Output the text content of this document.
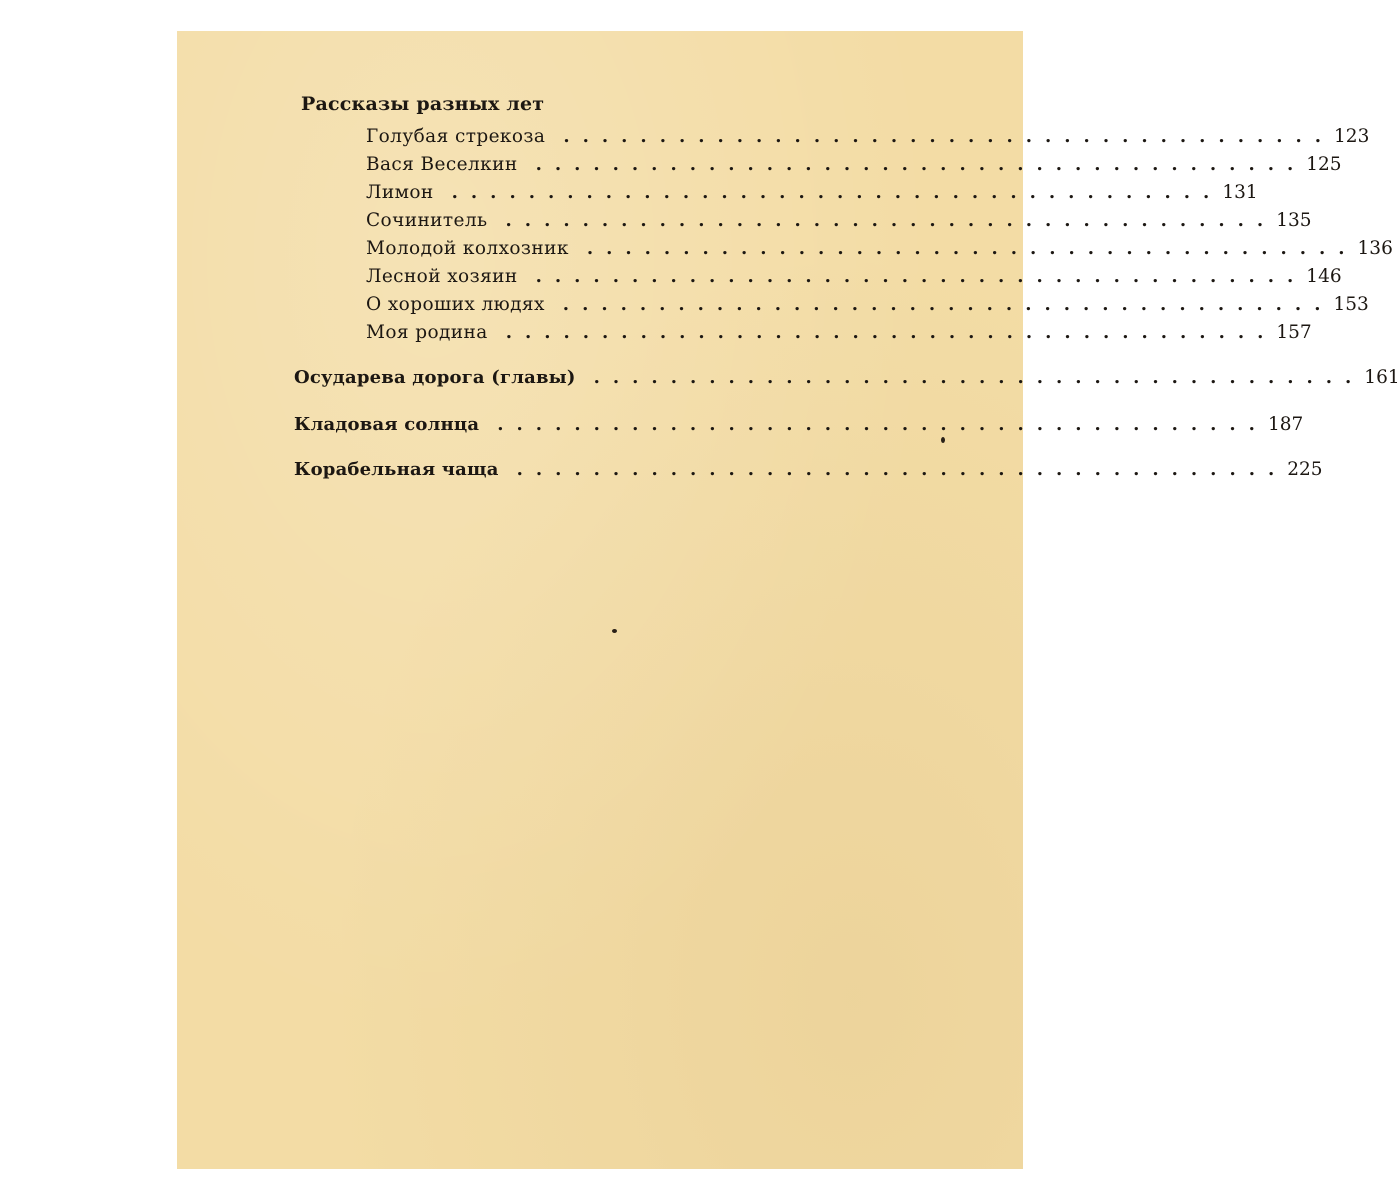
Рассказы разных лет
Голубая стрекоза	........................................ 123
Вася Веселкин	........................................ 125
Лимон	........................................ 131
Сочинитель	........................................ 135
Молодой колхозник	........................................ 136
Лесной хозяин	........................................ 146
О хороших людях	........................................ 153
Моя родина	........................................ 157
Осударева дорога (главы)	........................................ 161
Кладовая солнца	........................................ 187
Корабельная чаща	........................................ 225
